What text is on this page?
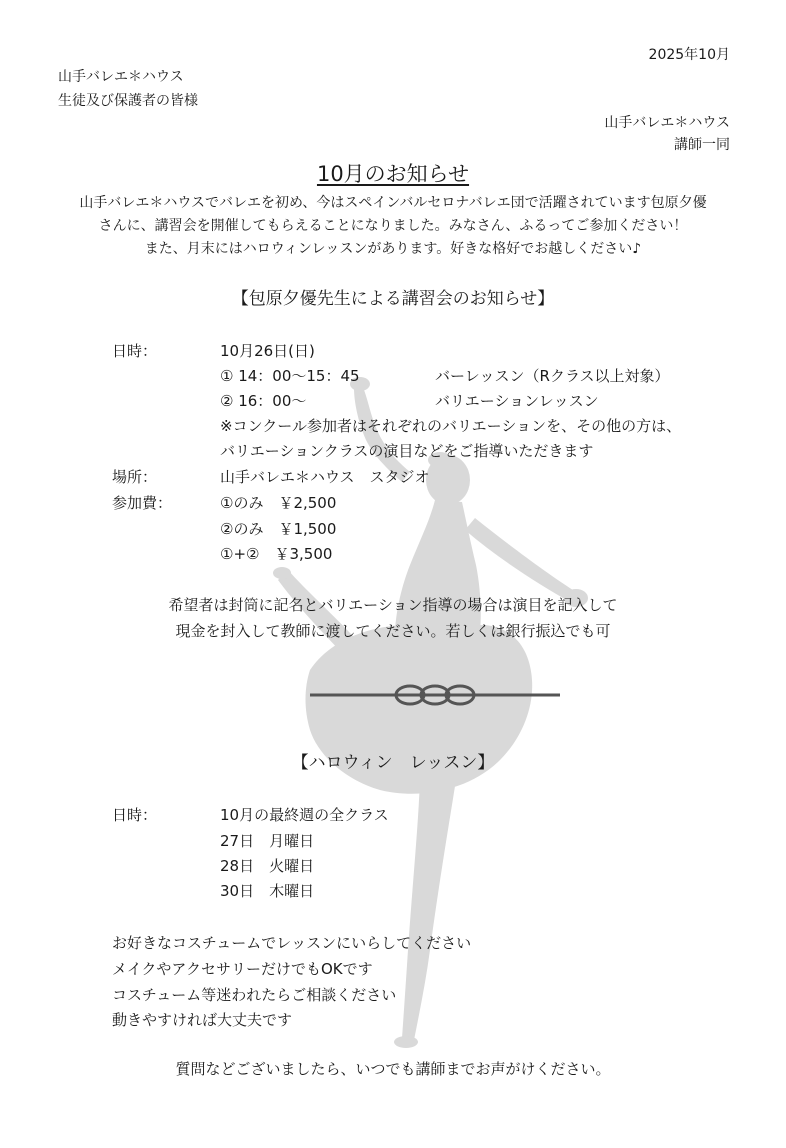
2025年10月
山手バレエ＊ハウス
生徒及び保護者の皆様
山手バレエ＊ハウス
講師一同
10月のお知らせ
山手バレエ＊ハウスでバレエを初め、今はスペインバルセロナバレエ団で活躍されています包原夕優
さんに、講習会を開催してもらえることになりました。みなさん、ふるってご参加ください！
また、月末にはハロウィンレッスンがあります。好きな格好でお越しください♪
【包原夕優先生による講習会のお知らせ】
日時：	10月26日(日)
① 14：00〜15：45	バーレッスン（Rクラス以上対象）
② 16：00〜	バリエーションレッスン
※コンクール参加者はそれぞれのバリエーションを、その他の方は、
バリエーションクラスの演目などをご指導いただきます
場所：	山手バレエ＊ハウス　スタジオ
参加費：	①のみ　￥2,500
②のみ　￥1,500
①+②　￥3,500
希望者は封筒に記名とバリエーション指導の場合は演目を記入して
現金を封入して教師に渡してください。若しくは銀行振込でも可
【ハロウィン　レッスン】
日時：	10月の最終週の全クラス
27日　月曜日
28日　火曜日
30日　木曜日
お好きなコスチュームでレッスンにいらしてください
メイクやアクセサリーだけでもOKです
コスチューム等迷われたらご相談ください
動きやすければ大丈夫です
質問などございましたら、いつでも講師までお声がけください。
